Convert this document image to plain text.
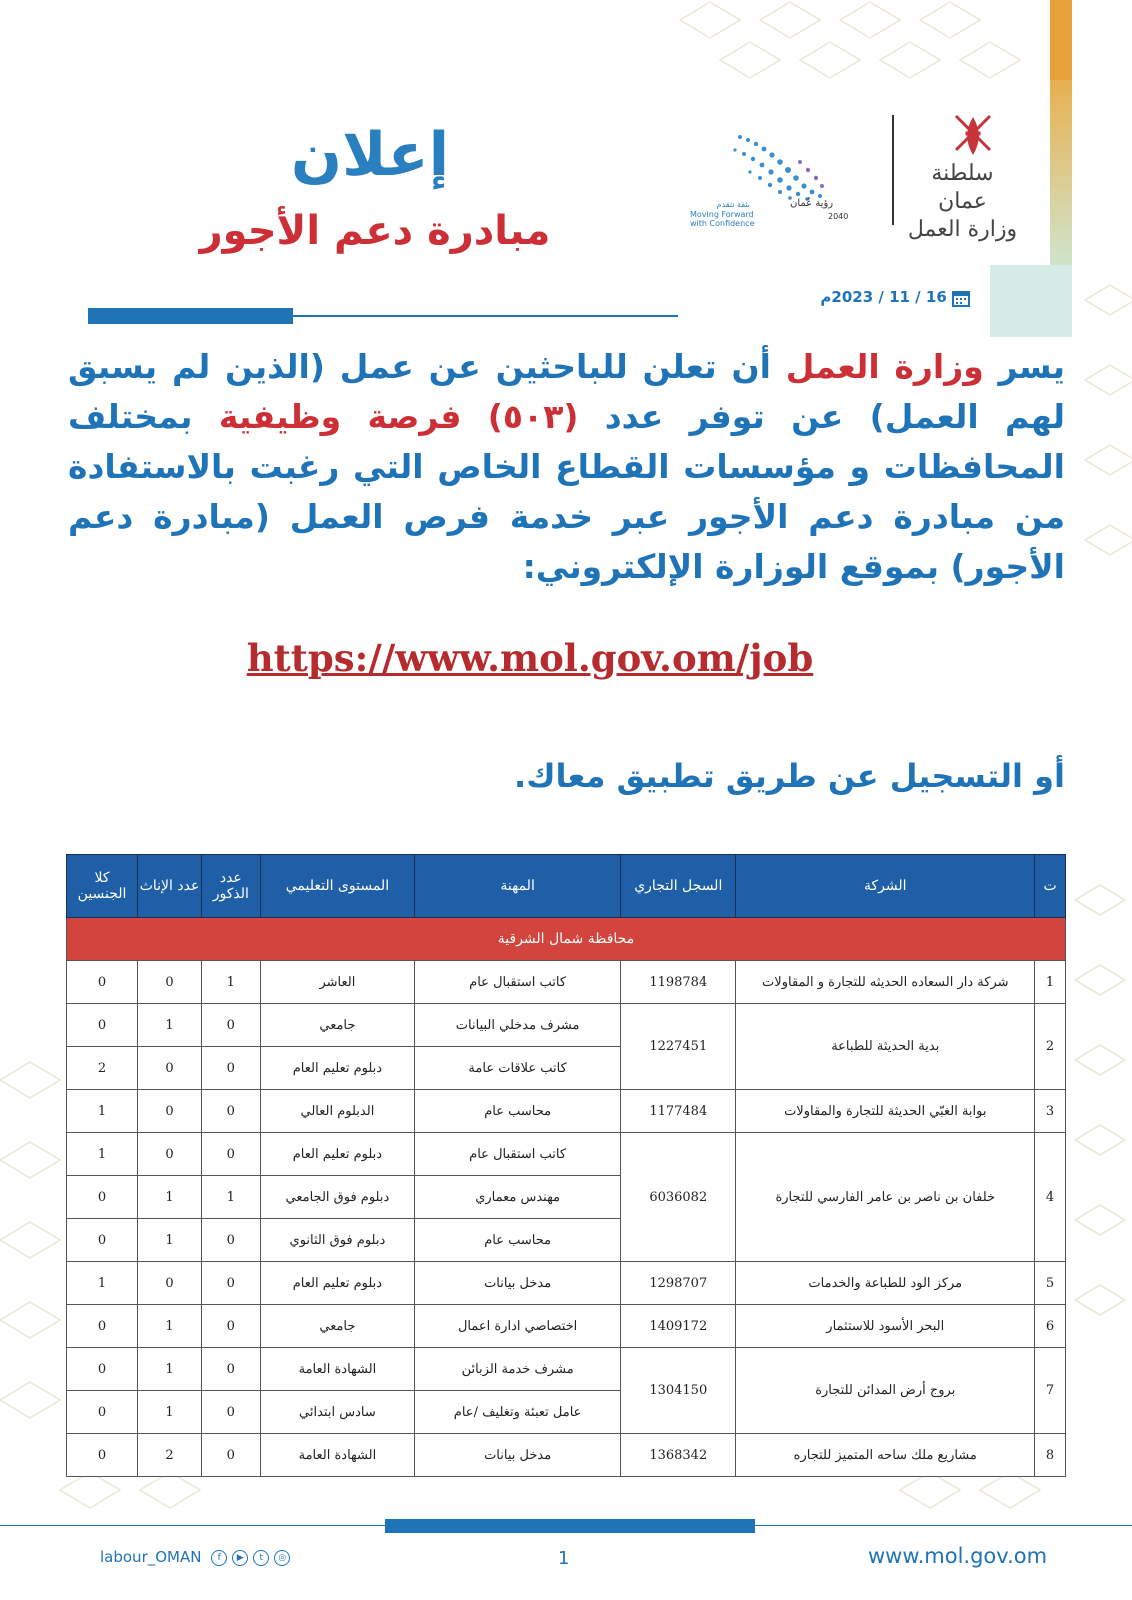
سلطنة عمان
وزارة العمل
رؤية عُمان
2040
بثقة نتقدم
Moving Forward
with Confidence
إعلان
مبادرة دعم الأجور
16 / 11 / 2023م
يسر وزارة العمل أن تعلن للباحثين عن عمل (الذين لم يسبق لهم العمل) عن توفر عدد (٥٠٣) فرصة وظيفية بمختلف المحافظات و مؤسسات القطاع الخاص التي رغبت بالاستفادة من مبادرة دعم الأجور عبر خدمة فرص العمل (مبادرة دعم الأجور) بموقع الوزارة الإلكتروني:
https://www.mol.gov.om/job
أو التسجيل عن طريق تطبيق معاك.
ت	الشركة	السجل التجاري	المهنة	المستوى التعليمي	عدد الذكور	عدد الإناث	كلا الجنسين
محافظة شمال الشرقية							
1	شركة دار السعاده الحديثه للتجارة و المقاولات	1198784	كاتب استقبال عام	العاشر	1	0	0
2	بدية الحديثة للطباعة	1227451	مشرف مدخلي البيانات	جامعي	0	1	0
			كاتب علاقات عامة	دبلوم تعليم العام	0	0	2
3	بوابة الغبّي الحديثة للتجارة والمقاولات	1177484	محاسب عام	الدبلوم العالي	0	0	1
4	خلفان بن ناصر بن عامر الفارسي للتجارة	6036082	كاتب استقبال عام	دبلوم تعليم العام	0	0	1
			مهندس معماري	دبلوم فوق الجامعي	1	1	0
			محاسب عام	دبلوم فوق الثانوي	0	1	0
5	مركز الود للطباعة والخدمات	1298707	مدخل بيانات	دبلوم تعليم العام	0	0	1
6	البحر الأسود للاستثمار	1409172	اختصاصي ادارة اعمال	جامعي	0	1	0
7	بروج أرض المدائن للتجارة	1304150	مشرف خدمة الزبائن	الشهادة العامة	0	1	0
			عامل تعبئة وتغليف /عام	سادس ابتدائي	0	1	0
8	مشاريع ملك ساحه المتميز للتجاره	1368342	مدخل بيانات	الشهادة العامة	0	2	0
labour_OMAN f ▶ t ◎	1	www.mol.gov.om
